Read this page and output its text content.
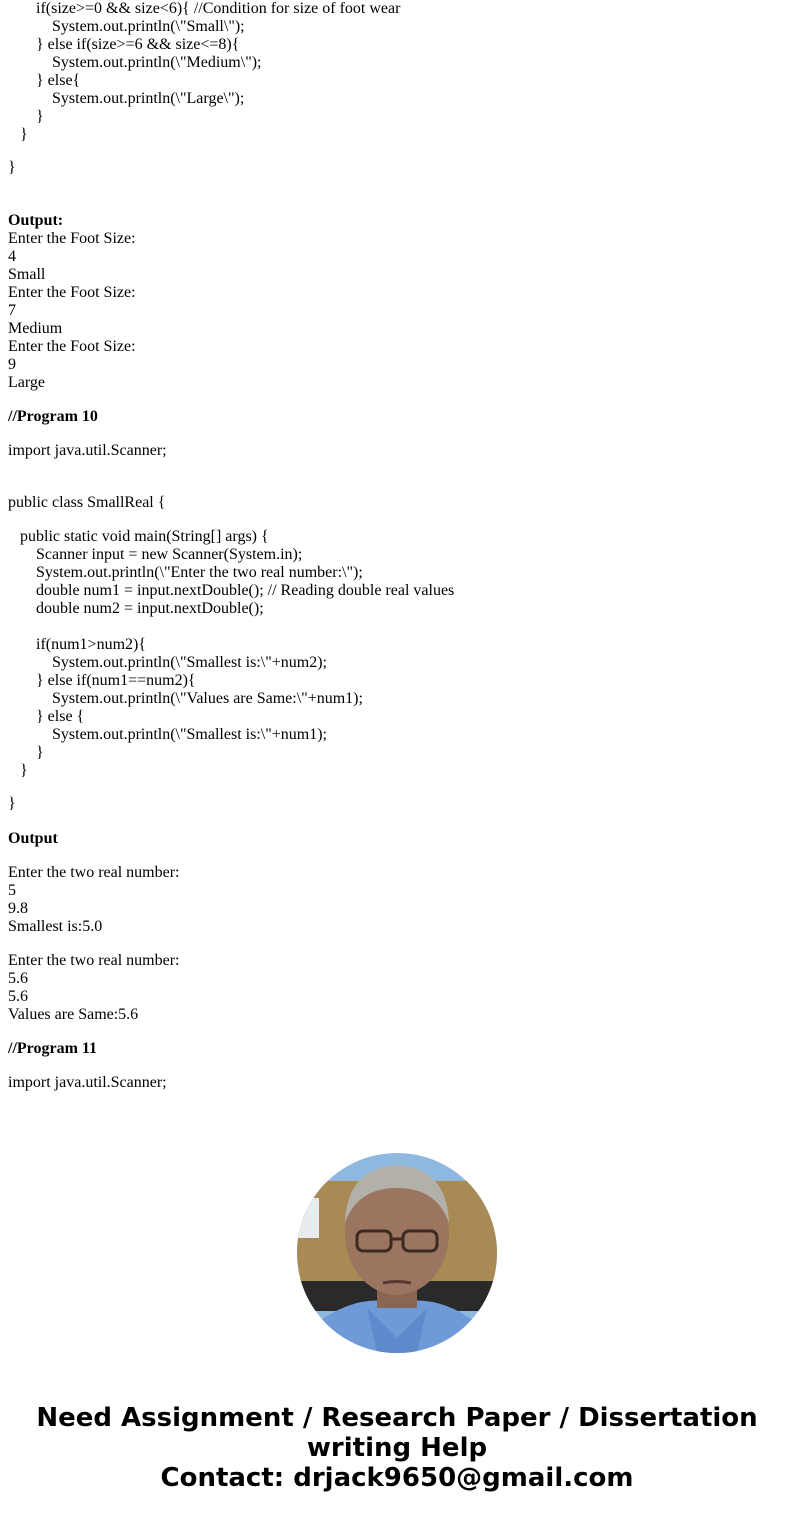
if(size>=0 && size<6){ //Condition for size of foot wear
System.out.println(\"Small\");
} else if(size>=6 && size<=8){
System.out.println(\"Medium\");
} else{
System.out.println(\"Large\");
}
}
}
Output:
Enter the Foot Size:
4
Small
Enter the Foot Size:
7
Medium
Enter the Foot Size:
9
Large
//Program 10
import java.util.Scanner;
public class SmallReal {
public static void main(String[] args) {
Scanner input = new Scanner(System.in);
System.out.println(\"Enter the two real number:\");
double num1 = input.nextDouble(); // Reading double real values
double num2 = input.nextDouble();
if(num1>num2){
System.out.println(\"Smallest is:\"+num2);
} else if(num1==num2){
System.out.println(\"Values are Same:\"+num1);
} else {
System.out.println(\"Smallest is:\"+num1);
}
}
}
Output
Enter the two real number:
5
9.8
Smallest is:5.0
Enter the two real number:
5.6
5.6
Values are Same:5.6
//Program 11
import java.util.Scanner;
Need Assignment / Research Paper / Dissertation
writing Help
Contact: drjack9650@gmail.com
